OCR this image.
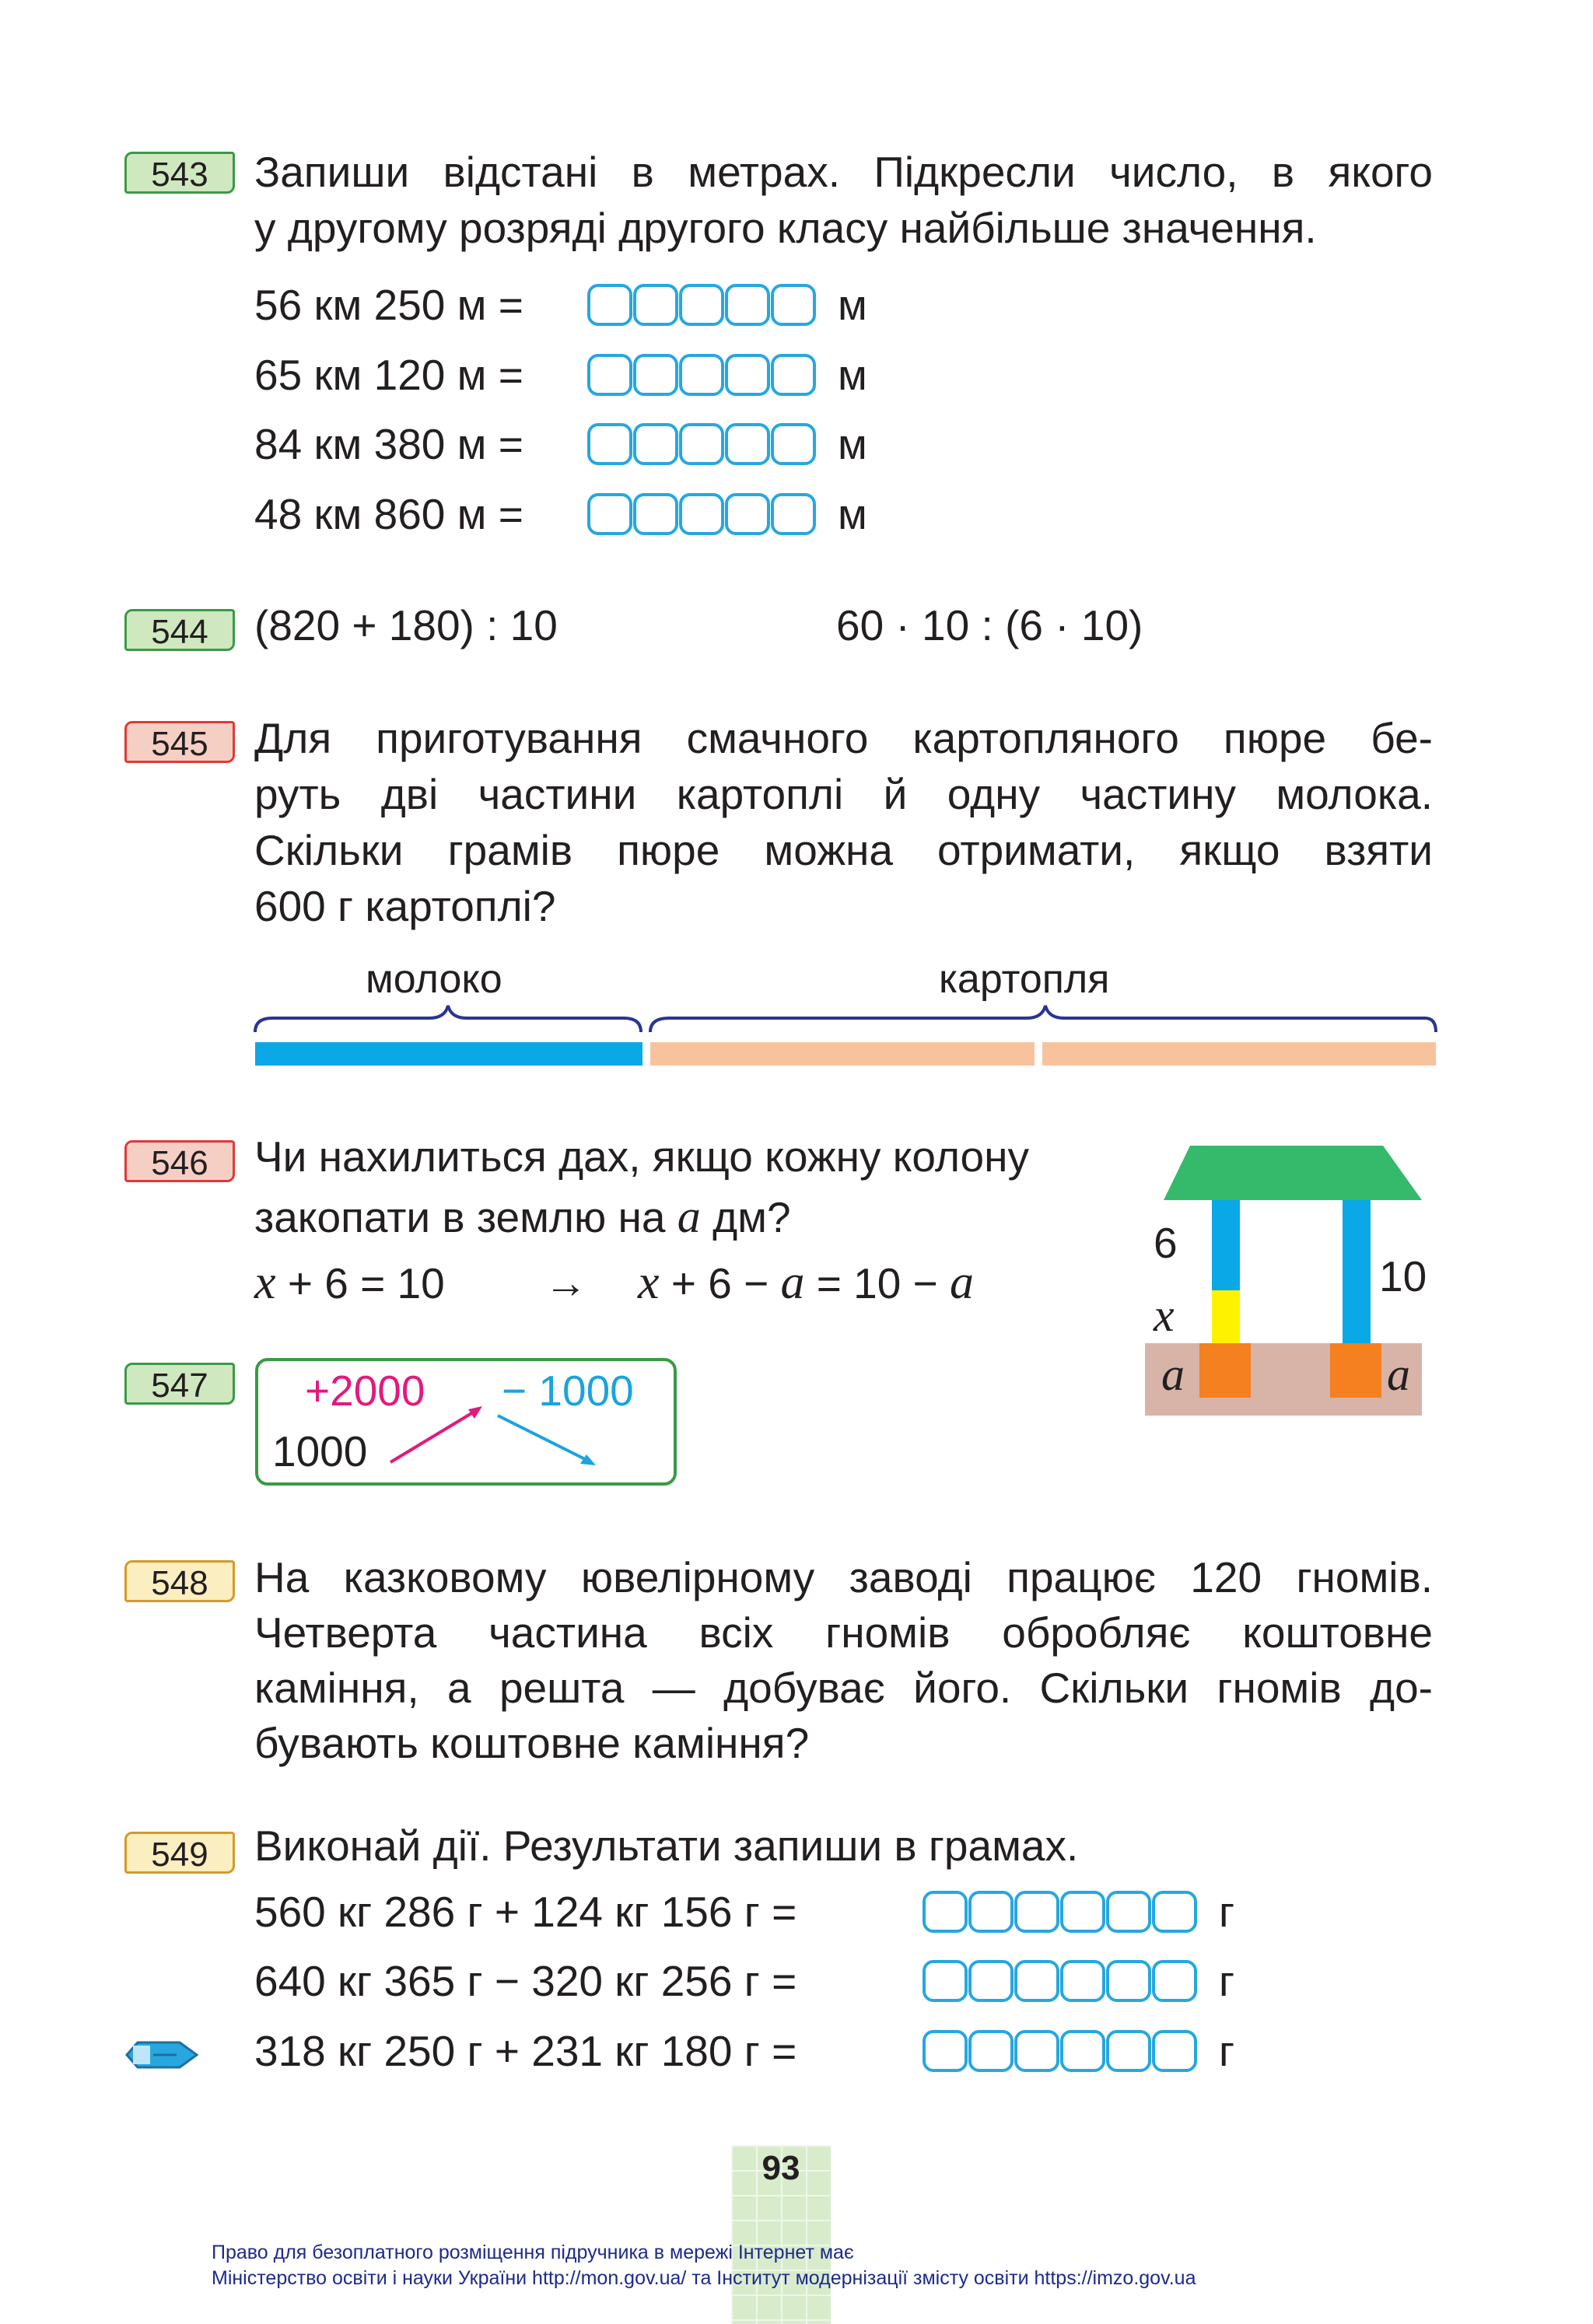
543	Запиши відстані в метрах. Підкресли число, в якого
у другому розряді другого класу найбільше значення.
56 км 250 м =	м
65 км 120 м =	м
84 км 380 м =	м
48 км 860 м =	м
544	(820 + 180) : 10	60 · 10 : (6 · 10)
545	Для приготування смачного картопляного пюре бе-
руть дві частини картоплі й одну частину молока.
Скільки грамів пюре можна отримати, якщо взяти
600 г картоплі?
молоко	картопля
546	Чи нахилиться дах, якщо кожну колону
закопати в землю на a дм?
x + 6 = 10 → x + 6 − a = 10 − a
6
10
x
a	a
547	+2000 − 1000
1000
548	На казковому ювелірному заводі працює 120 гномів.
Четверта частина всіх гномів обробляє коштовне
каміння, а решта — добуває його. Скільки гномів до-
бувають коштовне каміння?
549	Виконай дії. Результати запиши в грамах.
560 кг 286 г + 124 кг 156 г =	г
640 кг 365 г − 320 кг 256 г =	г
318 кг 250 г + 231 кг 180 г =	г
93
Право для безоплатного розміщення підручника в мережі Інтернет має
Міністерство освіти і науки України http://mon.gov.ua/ та Інститут модернізації змісту освіти https://imzo.gov.ua
